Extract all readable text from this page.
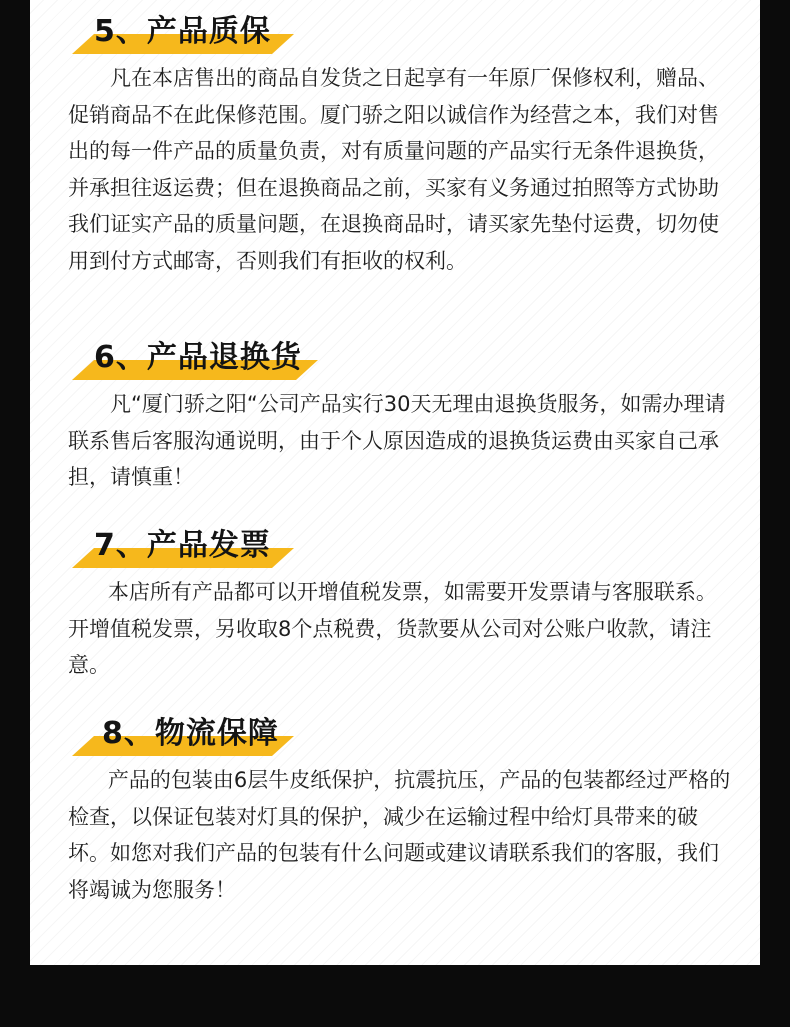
5、产品质保

凡在本店售出的商品自发货之日起享有一年原厂保修权利，赠品、促销商品不在此保修范围。厦门骄之阳以诚信作为经营之本，我们对售出的每一件产品的质量负责，对有质量问题的产品实行无条件退换货，并承担往返运费；但在退换商品之前，买家有义务通过拍照等方式协助我们证实产品的质量问题，在退换商品时，请买家先垫付运费，切勿使用到付方式邮寄，否则我们有拒收的权利。

6、产品退换货

凡“厦门骄之阳“公司产品实行30天无理由退换货服务，如需办理请联系售后客服沟通说明，由于个人原因造成的退换货运费由买家自己承担，请慎重！

7、产品发票

本店所有产品都可以开增值税发票，如需要开发票请与客服联系。开增值税发票，另收取8个点税费，货款要从公司对公账户收款，请注意。

8、物流保障

产品的包装由6层牛皮纸保护，抗震抗压，产品的包装都经过严格的检查，以保证包装对灯具的保护，减少在运输过程中给灯具带来的破坏。如您对我们产品的包装有什么问题或建议请联系我们的客服，我们将竭诚为您服务！
